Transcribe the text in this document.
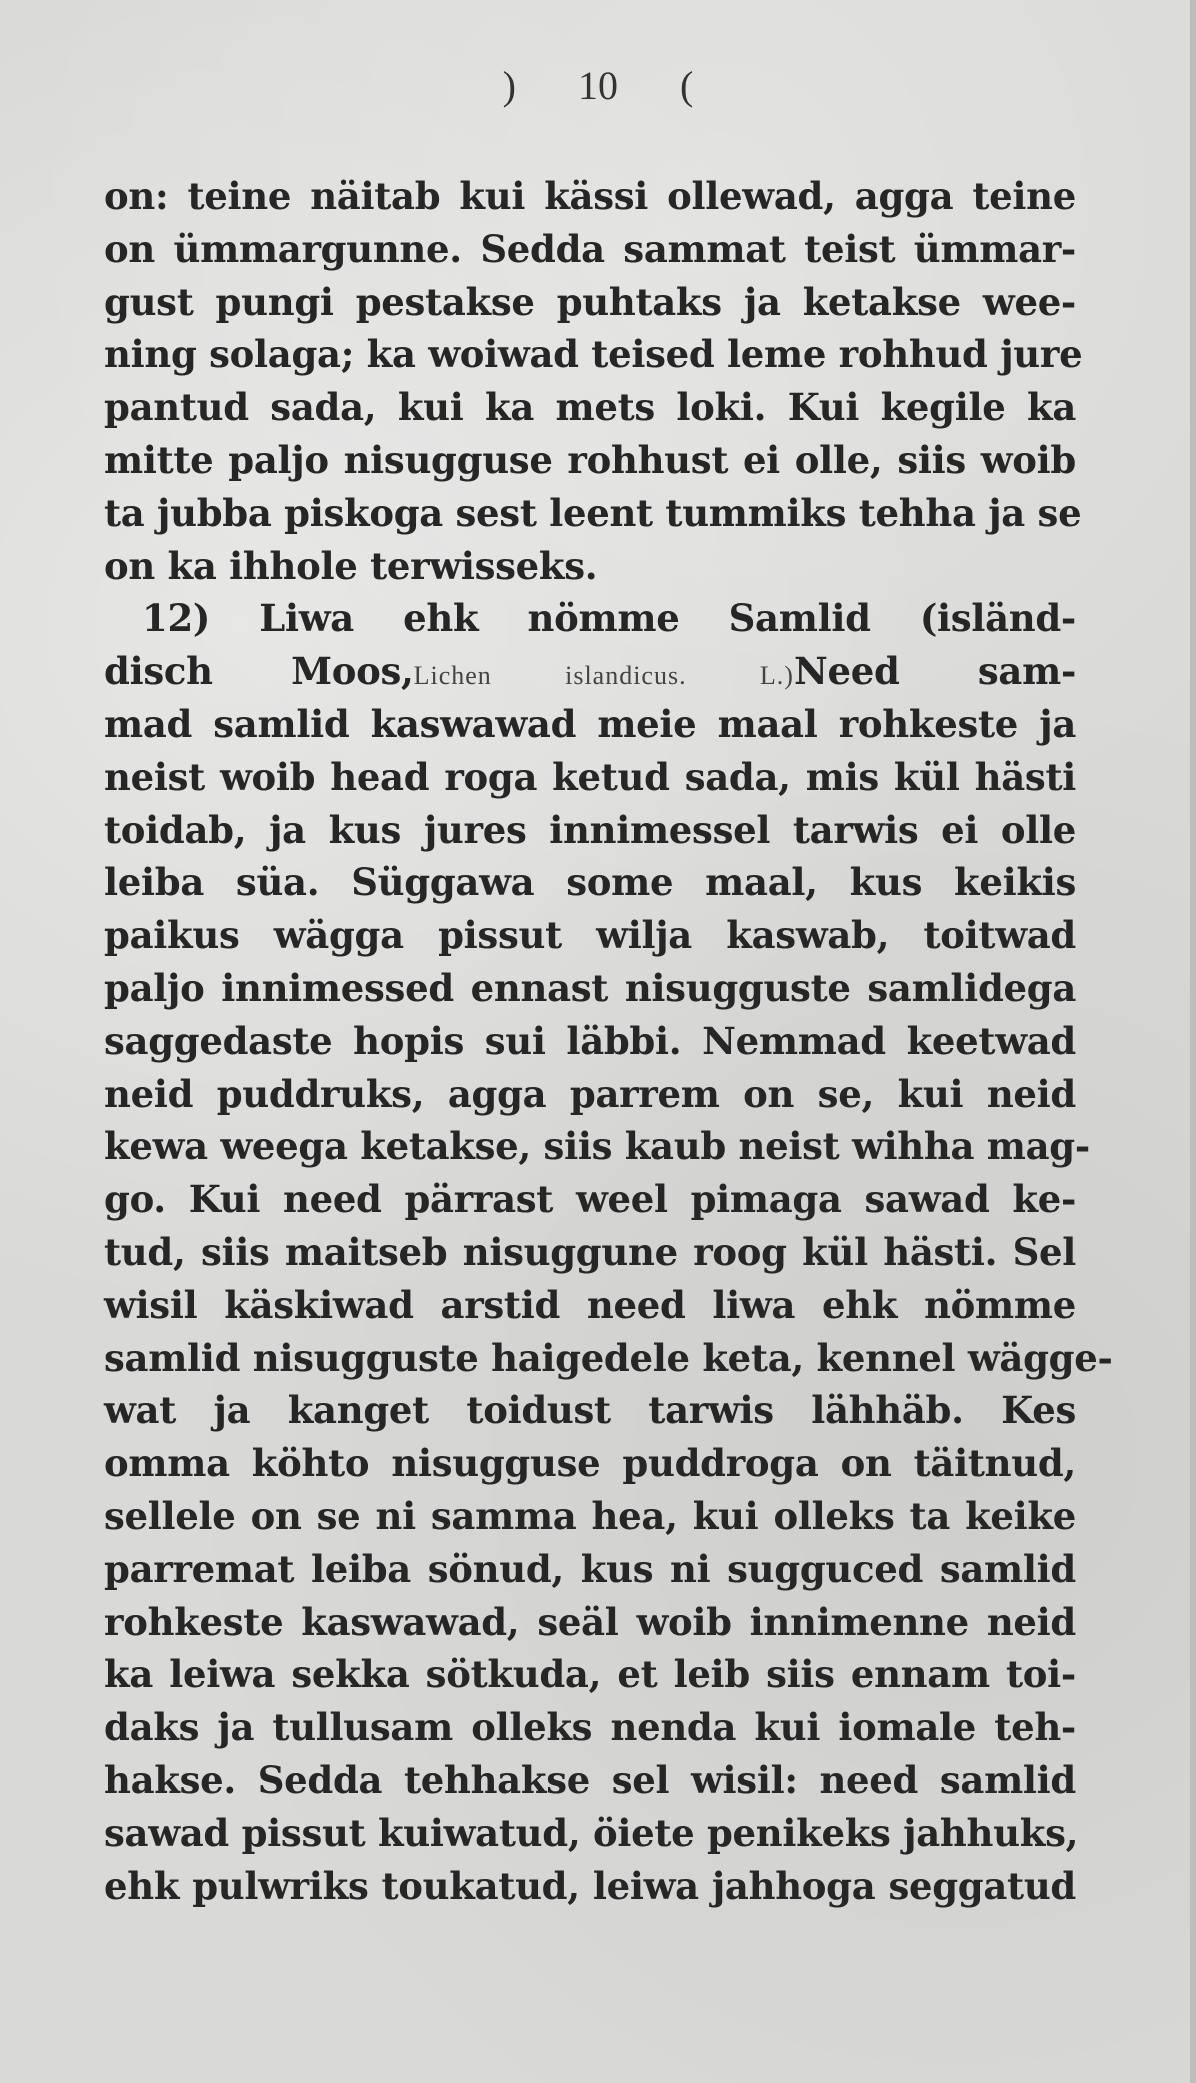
) 10 (
on: teine näitab kui kässi ollewad, agga teine
on ümmargunne. Sedda sammat teist ümmar-
gust pungi pestakse puhtaks ja ketakse wee-
ning solaga; ka woiwad teised leme rohhud jure
pantud sada, kui ka mets loki. Kui kegile ka
mitte paljo nisugguse rohhust ei olle, siis woib
ta jubba piskoga sest leent tummiks tehha ja se
on ka ihhole terwisseks.
12) Liwa ehk nömme Samlid (isländ-
disch Moos,Lichen islandicus. L.)Need sam-
mad samlid kaswawad meie maal rohkeste ja
neist woib head roga ketud sada, mis kül hästi
toidab, ja kus jures innimessel tarwis ei olle
leiba süa. Süggawa some maal, kus keikis
paikus wägga pissut wilja kaswab, toitwad
paljo innimessed ennast nisugguste samlidega
saggedaste hopis sui läbbi. Nemmad keetwad
neid puddruks, agga parrem on se, kui neid
kewa weega ketakse, siis kaub neist wihha mag-
go. Kui need pärrast weel pimaga sawad ke-
tud, siis maitseb nisuggune roog kül hästi. Sel
wisil käskiwad arstid need liwa ehk nömme
samlid nisugguste haigedele keta, kennel wägge-
wat ja kanget toidust tarwis lähhäb. Kes
omma köhto nisugguse puddroga on täitnud,
sellele on se ni samma hea, kui olleks ta keike
parremat leiba sönud, kus ni sugguсed samlid
rohkeste kaswawad, seäl woib innimenne neid
ka leiwa sekka sötkuda, et leib siis ennam toi-
daks ja tullusam olleks nenda kui iomale teh-
hakse. Sedda tehhakse sel wisil: need samlid
sawad pissut kuiwatud, öiete penikeks jahhuks,
ehk pulwriks toukatud, leiwa jahhoga seggatud
